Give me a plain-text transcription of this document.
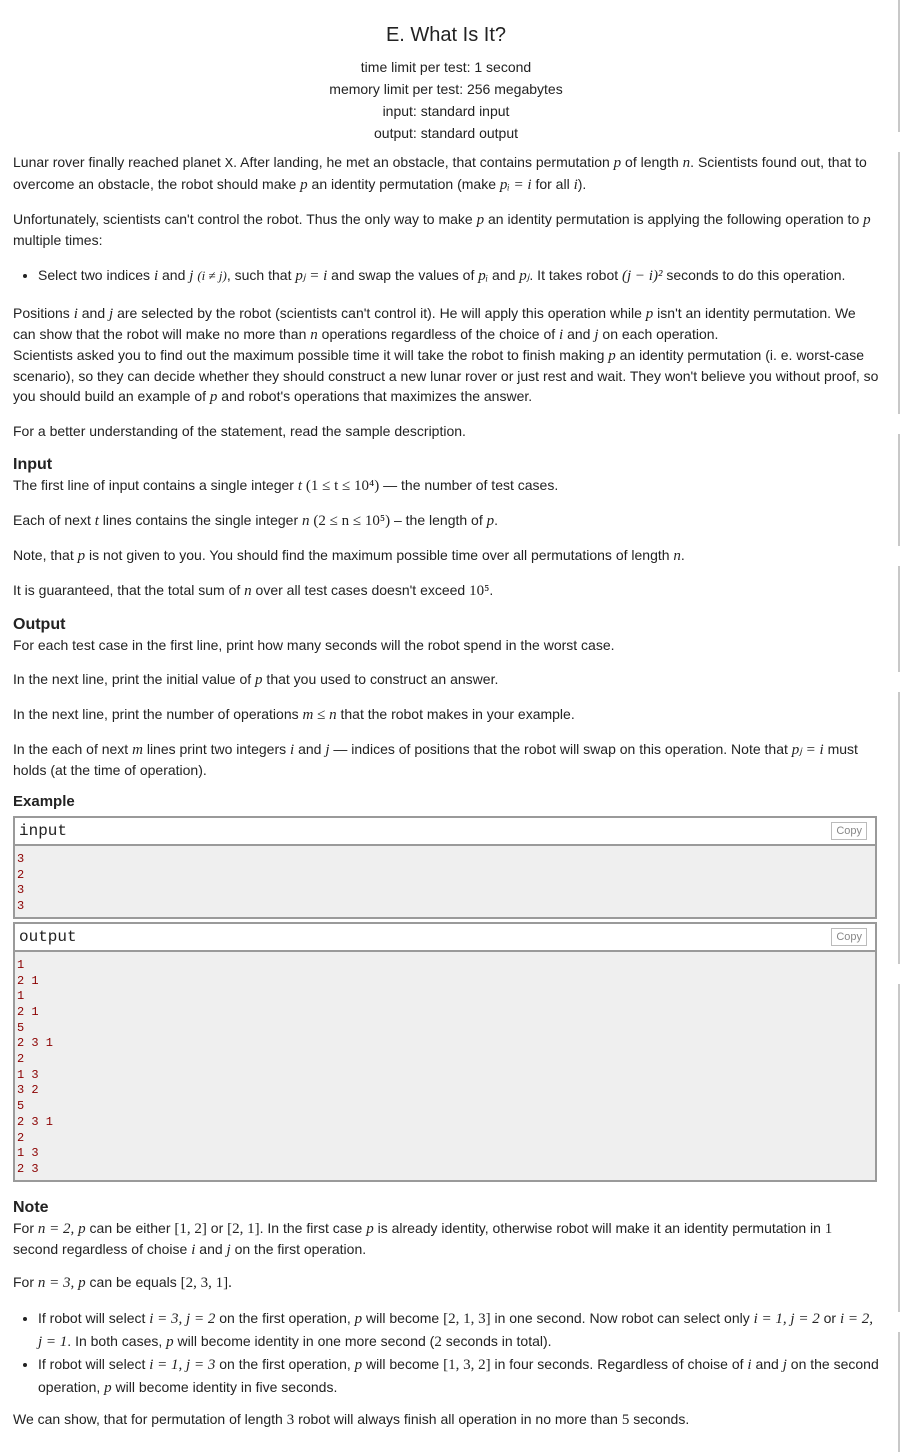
E. What Is It?
time limit per test: 1 second
memory limit per test: 256 megabytes
input: standard input
output: standard output

Lunar rover finally reached planet X. After landing, he met an obstacle, that contains permutation p of length n. Scientists found out, that to overcome an obstacle, the robot should make p an identity permutation (make pᵢ = i for all i).

Unfortunately, scientists can't control the robot. Thus the only way to make p an identity permutation is applying the following operation to p multiple times:

• Select two indices i and j (i ≠ j), such that pⱼ = i and swap the values of pᵢ and pⱼ. It takes robot (j − i)² seconds to do this operation.

Positions i and j are selected by the robot (scientists can't control it). He will apply this operation while p isn't an identity permutation. We can show that the robot will make no more than n operations regardless of the choice of i and j on each operation.

Scientists asked you to find out the maximum possible time it will take the robot to finish making p an identity permutation (i. e. worst-case scenario), so they can decide whether they should construct a new lunar rover or just rest and wait. They won't believe you without proof, so you should build an example of p and robot's operations that maximizes the answer.

For a better understanding of the statement, read the sample description.

Input

The first line of input contains a single integer t (1 ≤ t ≤ 10⁴) — the number of test cases.

Each of next t lines contains the single integer n (2 ≤ n ≤ 10⁵) – the length of p.

Note, that p is not given to you. You should find the maximum possible time over all permutations of length n.

It is guaranteed, that the total sum of n over all test cases doesn't exceed 10⁵.

Output

For each test case in the first line, print how many seconds will the robot spend in the worst case.

In the next line, print the initial value of p that you used to construct an answer.

In the next line, print the number of operations m ≤ n that the robot makes in your example.

In the each of next m lines print two integers i and j — indices of positions that the robot will swap on this operation. Note that pⱼ = i must holds (at the time of operation).

Example
input	Copy
3
2
3
3
output	Copy
1
2 1
1
2 1
5
2 3 1
2
1 3
3 2
5
2 3 1
2
1 3
2 3
Note

For n = 2, p can be either [1, 2] or [2, 1]. In the first case p is already identity, otherwise robot will make it an identity permutation in 1 second regardless of choise i and j on the first operation.

For n = 3, p can be equals [2, 3, 1].

• If robot will select i = 3, j = 2 on the first operation, p will become [2, 1, 3] in one second. Now robot can select only i = 1, j = 2 or i = 2, j = 1. In both cases, p will become identity in one more second (2 seconds in total).
• If robot will select i = 1, j = 3 on the first operation, p will become [1, 3, 2] in four seconds. Regardless of choise of i and j on the second operation, p will become identity in five seconds.

We can show, that for permutation of length 3 robot will always finish all operation in no more than 5 seconds.
